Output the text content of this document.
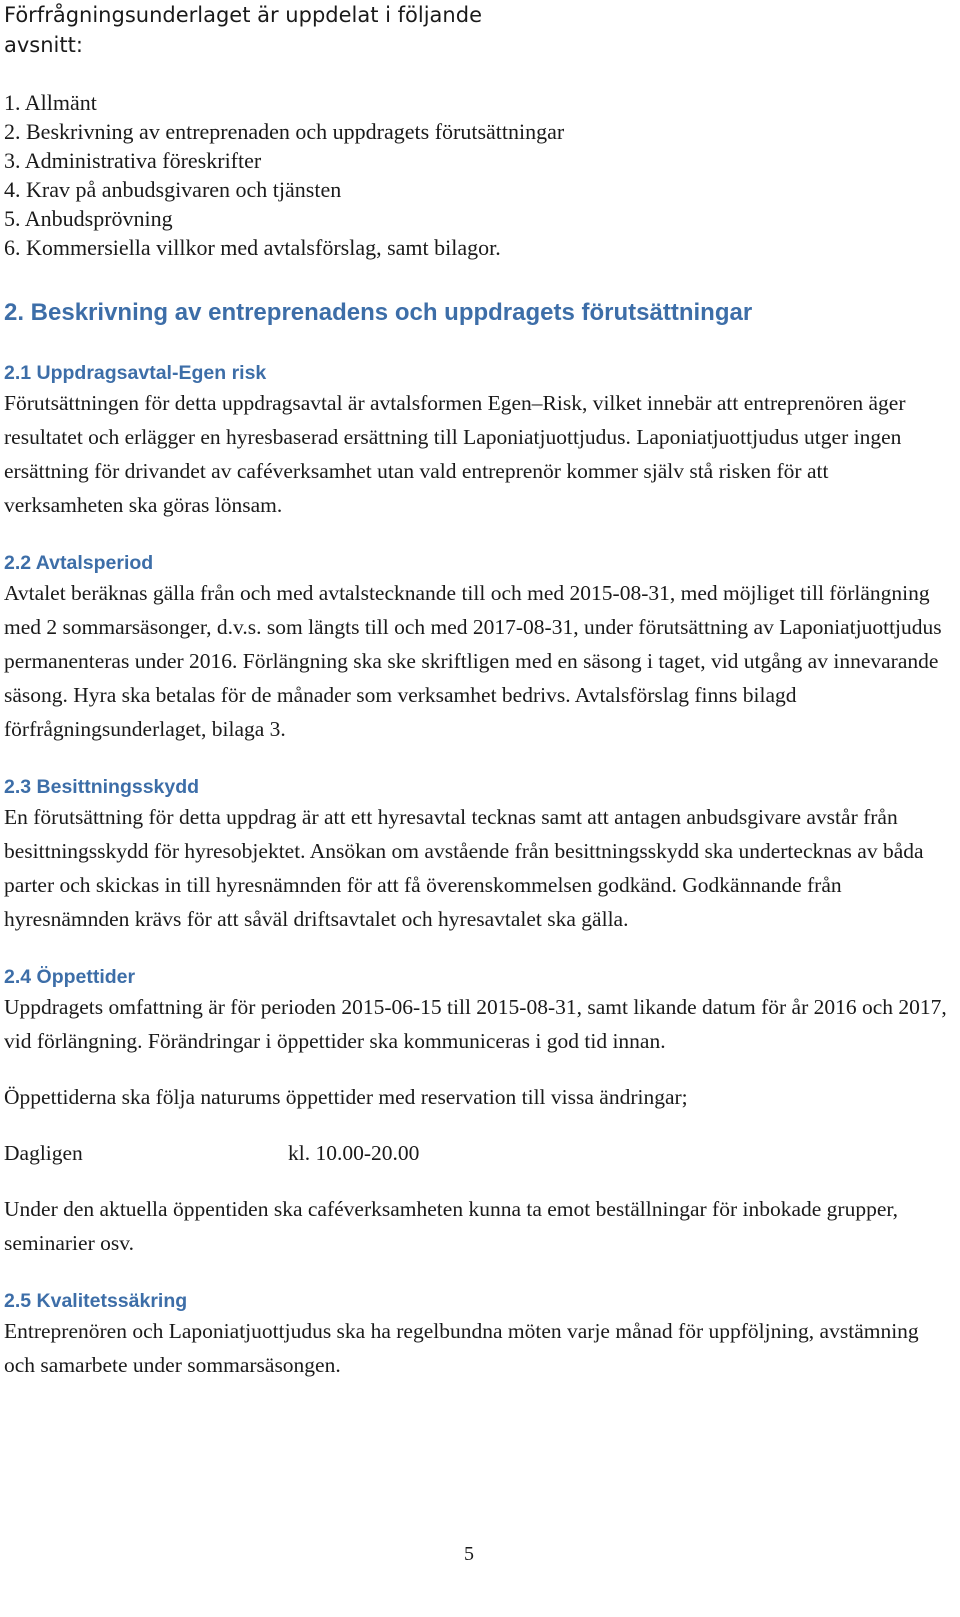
Förfrågningsunderlaget är uppdelat i följande avsnitt:

1. Allmänt
2. Beskrivning av entreprenaden och uppdragets förutsättningar
3. Administrativa föreskrifter
4. Krav på anbudsgivaren och tjänsten
5. Anbudsprövning
6. Kommersiella villkor med avtalsförslag, samt bilagor.
2. Beskrivning av entreprenadens och uppdragets förutsättningar
2.1 Uppdragsavtal-Egen risk

Förutsättningen för detta uppdragsavtal är avtalsformen Egen–Risk, vilket innebär att entreprenören äger resultatet och erlägger en hyresbaserad ersättning till Laponiatjuottjudus. Laponiatjuottjudus utger ingen ersättning för drivandet av caféverksamhet utan vald entreprenör kommer själv stå risken för att verksamheten ska göras lönsam.

2.2 Avtalsperiod

Avtalet beräknas gälla från och med avtalstecknande till och med 2015-08-31, med möjliget till förlängning med 2 sommarsäsonger, d.v.s. som längts till och med 2017-08-31, under förutsättning av Laponiatjuottjudus permanenteras under 2016. Förlängning ska ske skriftligen med en säsong i taget, vid utgång av innevarande säsong. Hyra ska betalas för de månader som verksamhet bedrivs. Avtalsförslag finns bilagd förfrågningsunderlaget, bilaga 3.

2.3 Besittningsskydd

En förutsättning för detta uppdrag är att ett hyresavtal tecknas samt att antagen anbudsgivare avstår från besittningsskydd för hyresobjektet. Ansökan om avstående från besittningsskydd ska undertecknas av båda parter och skickas in till hyresnämnden för att få överenskommelsen godkänd. Godkännande från hyresnämnden krävs för att såväl driftsavtalet och hyresavtalet ska gälla.

2.4 Öppettider

Uppdragets omfattning är för perioden 2015-06-15 till 2015-08-31, samt likande datum för år 2016 och 2017, vid förlängning. Förändringar i öppettider ska kommuniceras i god tid innan.

Öppettiderna ska följa naturums öppettider med reservation till vissa ändringar;

Dagligen	kl. 10.00-20.00

Under den aktuella öppentiden ska caféverksamheten kunna ta emot beställningar för inbokade grupper, seminarier osv.

2.5 Kvalitetssäkring

Entreprenören och Laponiatjuottjudus ska ha regelbundna möten varje månad för uppföljning, avstämning och samarbete under sommarsäsongen.

5
